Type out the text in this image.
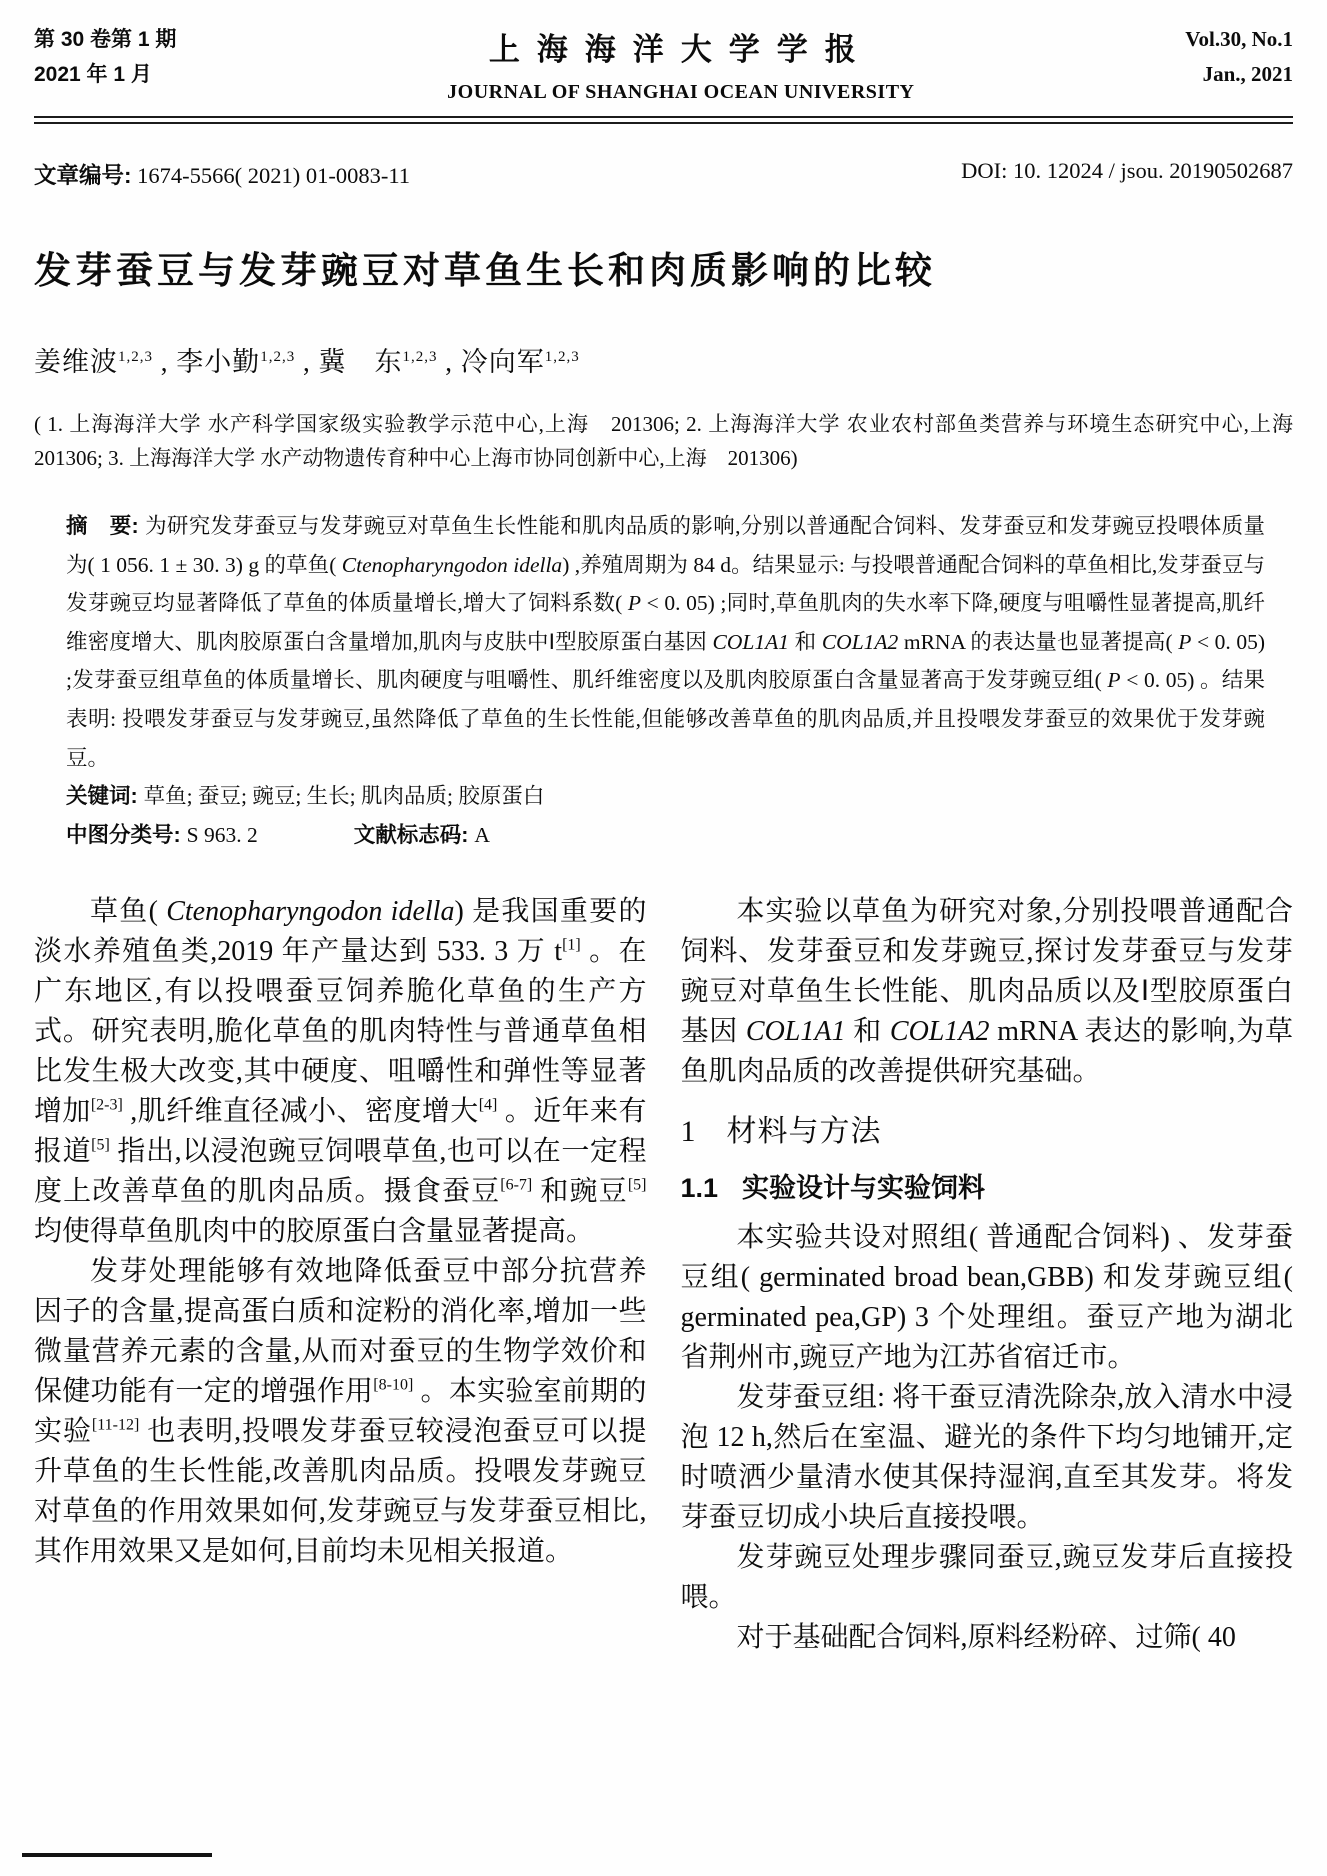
第 30 卷第 1 期
2021 年 1 月
上海海洋大学学报
JOURNAL OF SHANGHAI OCEAN UNIVERSITY
Vol.30, No.1
Jan., 2021
文章编号: 1674-5566( 2021) 01-0083-11	DOI: 10. 12024 / jsou. 20190502687
发芽蚕豆与发芽豌豆对草鱼生长和肉质影响的比较
姜维波$^{1,2,3}$ , 李小勤$^{1,2,3}$ , 冀　东$^{1,2,3}$ , 冷向军$^{1,2,3}$
( 1. 上海海洋大学 水产科学国家级实验教学示范中心,上海　201306; 2. 上海海洋大学 农业农村部鱼类营养与环境生态研究中心,上海　201306; 3. 上海海洋大学 水产动物遗传育种中心上海市协同创新中心,上海　201306)

摘　要: 为研究发芽蚕豆与发芽豌豆对草鱼生长性能和肌肉品质的影响,分别以普通配合饲料、发芽蚕豆和发芽豌豆投喂体质量为( 1 056. 1 ± 30. 3) g 的草鱼( Ctenopharyngodon idella) ,养殖周期为 84 d。结果显示: 与投喂普通配合饲料的草鱼相比,发芽蚕豆与发芽豌豆均显著降低了草鱼的体质量增长,增大了饲料系数( P < 0. 05) ;同时,草鱼肌肉的失水率下降,硬度与咀嚼性显著提高,肌纤维密度增大、肌肉胶原蛋白含量增加,肌肉与皮肤中Ⅰ型胶原蛋白基因 COL1A1 和 COL1A2 mRNA 的表达量也显著提高( P < 0. 05) ;发芽蚕豆组草鱼的体质量增长、肌肉硬度与咀嚼性、肌纤维密度以及肌肉胶原蛋白含量显著高于发芽豌豆组( P < 0. 05) 。结果表明: 投喂发芽蚕豆与发芽豌豆,虽然降低了草鱼的生长性能,但能够改善草鱼的肌肉品质,并且投喂发芽蚕豆的效果优于发芽豌豆。

关键词: 草鱼; 蚕豆; 豌豆; 生长; 肌肉品质; 胶原蛋白

中图分类号: S 963. 2	文献标志码: A

草鱼( Ctenopharyngodon idella) 是我国重要的淡水养殖鱼类,2019 年产量达到 533. 3 万 t[1] 。在广东地区,有以投喂蚕豆饲养脆化草鱼的生产方式。研究表明,脆化草鱼的肌肉特性与普通草鱼相比发生极大改变,其中硬度、咀嚼性和弹性等显著增加[2-3] ,肌纤维直径减小、密度增大[4] 。近年来有报道[5] 指出,以浸泡豌豆饲喂草鱼,也可以在一定程度上改善草鱼的肌肉品质。摄食蚕豆[6-7] 和豌豆[5] 均使得草鱼肌肉中的胶原蛋白含量显著提高。

发芽处理能够有效地降低蚕豆中部分抗营养因子的含量,提高蛋白质和淀粉的消化率,增加一些微量营养元素的含量,从而对蚕豆的生物学效价和保健功能有一定的增强作用[8-10] 。本实验室前期的实验[11-12] 也表明,投喂发芽蚕豆较浸泡蚕豆可以提升草鱼的生长性能,改善肌肉品质。投喂发芽豌豆对草鱼的作用效果如何,发芽豌豆与发芽蚕豆相比,其作用效果又是如何,目前均未见相关报道。

本实验以草鱼为研究对象,分别投喂普通配合饲料、发芽蚕豆和发芽豌豆,探讨发芽蚕豆与发芽豌豆对草鱼生长性能、肌肉品质以及Ⅰ型胶原蛋白基因 COL1A1 和 COL1A2 mRNA 表达的影响,为草鱼肌肉品质的改善提供研究基础。

1 材料与方法
1.1 实验设计与实验饲料

本实验共设对照组( 普通配合饲料) 、发芽蚕豆组( germinated broad bean,GBB) 和发芽豌豆组( germinated pea,GP) 3 个处理组。蚕豆产地为湖北省荆州市,豌豆产地为江苏省宿迁市。

发芽蚕豆组: 将干蚕豆清洗除杂,放入清水中浸泡 12 h,然后在室温、避光的条件下均匀地铺开,定时喷洒少量清水使其保持湿润,直至其发芽。将发芽蚕豆切成小块后直接投喂。

发芽豌豆处理步骤同蚕豆,豌豆发芽后直接投喂。

对于基础配合饲料,原料经粉碎、过筛( 40
